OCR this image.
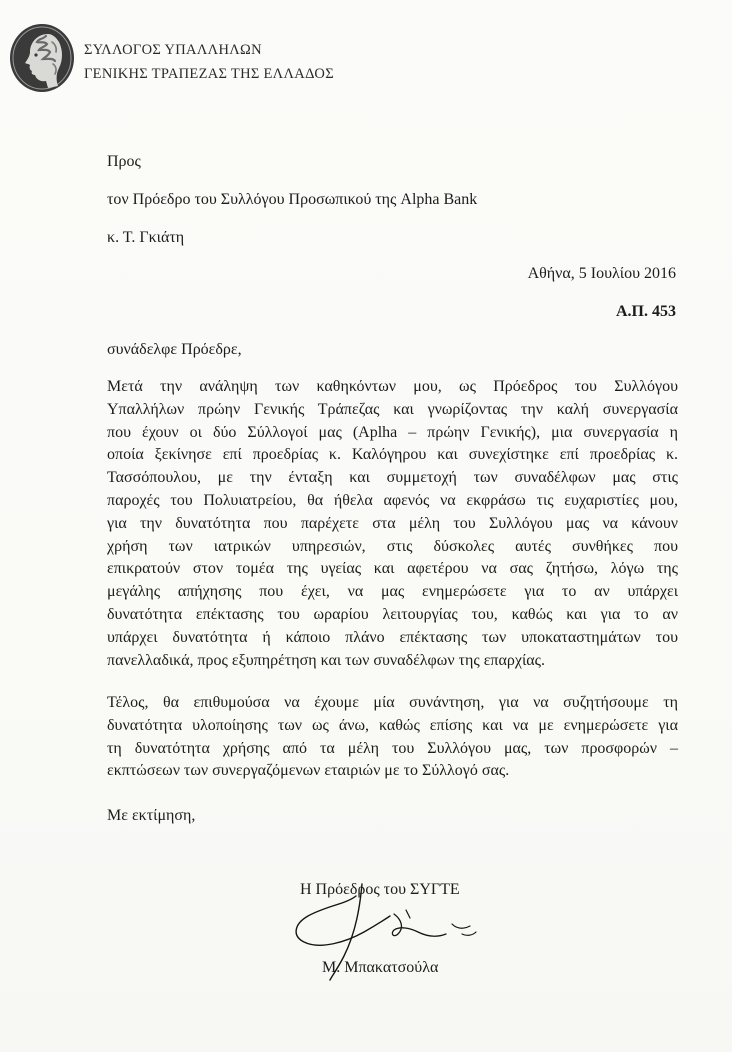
ΣΥΛΛΟΓΟΣ ΥΠΑΛΛΗΛΩΝ
ΓΕΝΙΚΗΣ ΤΡΑΠΕΖΑΣ ΤΗΣ ΕΛΛΑΔΟΣ
Προς
τον Πρόεδρο του Συλλόγου Προσωπικού της Alpha Bank
κ. Τ. Γκιάτη
Αθήνα, 5 Ιουλίου 2016
Α.Π. 453
συνάδελφε Πρόεδρε,
Μετά την ανάληψη των καθηκόντων μου, ως Πρόεδρος του Συλλόγου
Υπαλλήλων πρώην Γενικής Τράπεζας και γνωρίζοντας την καλή συνεργασία
που έχουν οι δύο Σύλλογοί μας (Aplha – πρώην Γενικής), μια συνεργασία η
οποία ξεκίνησε επί προεδρίας κ. Καλόγηρου και συνεχίστηκε επί προεδρίας κ.
Τασσόπουλου, με την ένταξη και συμμετοχή των συναδέλφων μας στις
παροχές του Πολυιατρείου, θα ήθελα αφενός να εκφράσω τις ευχαριστίες μου,
για την δυνατότητα που παρέχετε στα μέλη του Συλλόγου μας να κάνουν
χρήση των ιατρικών υπηρεσιών, στις δύσκολες αυτές συνθήκες που
επικρατούν στον τομέα της υγείας και αφετέρου να σας ζητήσω, λόγω της
μεγάλης απήχησης που έχει, να μας ενημερώσετε για το αν υπάρχει
δυνατότητα επέκτασης του ωραρίου λειτουργίας του, καθώς και για το αν
υπάρχει δυνατότητα ή κάποιο πλάνο επέκτασης των υποκαταστημάτων του
πανελλαδικά, προς εξυπηρέτηση και των συναδέλφων της επαρχίας.
Τέλος, θα επιθυμούσα να έχουμε μία συνάντηση, για να συζητήσουμε τη
δυνατότητα υλοποίησης των ως άνω, καθώς επίσης και να με ενημερώσετε για
τη δυνατότητα χρήσης από τα μέλη του Συλλόγου μας, των προσφορών –
εκπτώσεων των συνεργαζόμενων εταιριών με το Σύλλογό σας.
Με εκτίμηση,
Η Πρόεδρος του ΣΥΓΤΕ
Μ. Μπακατσούλα
